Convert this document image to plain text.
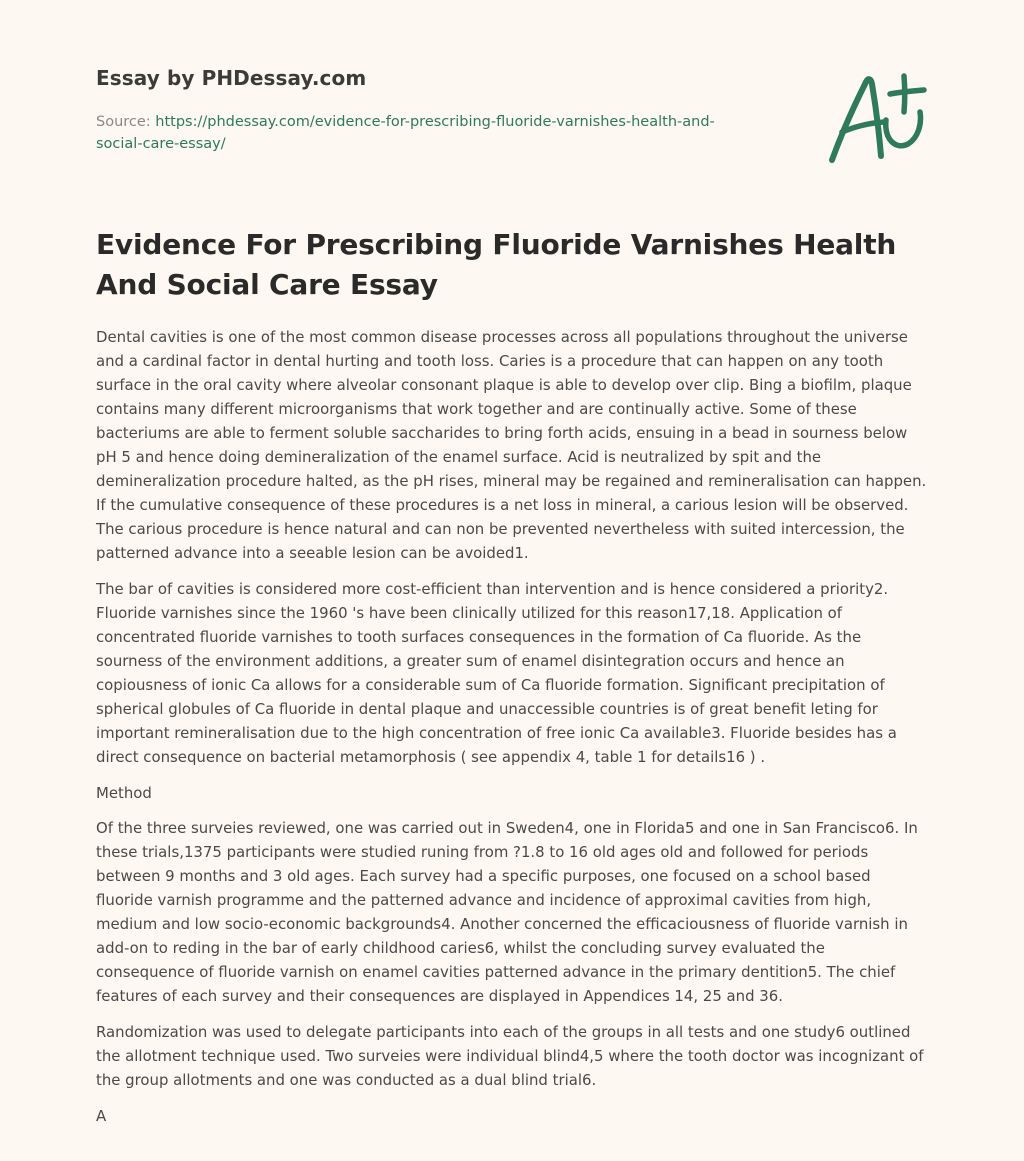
Essay by PHDessay.com
Source: https://phdessay.com/evidence-for-prescribing-fluoride-varnishes-health-and-social-care-essay/
Evidence For Prescribing Fluoride Varnishes Health And Social Care Essay

Dental cavities is one of the most common disease processes across all populations throughout the universe and a cardinal factor in dental hurting and tooth loss. Caries is a procedure that can happen on any tooth surface in the oral cavity where alveolar consonant plaque is able to develop over clip. Bing a biofilm, plaque contains many different microorganisms that work together and are continually active. Some of these bacteriums are able to ferment soluble saccharides to bring forth acids, ensuing in a bead in sourness below pH 5 and hence doing demineralization of the enamel surface. Acid is neutralized by spit and the demineralization procedure halted, as the pH rises, mineral may be regained and remineralisation can happen. If the cumulative consequence of these procedures is a net loss in mineral, a carious lesion will be observed. The carious procedure is hence natural and can non be prevented nevertheless with suited intercession, the patterned advance into a seeable lesion can be avoided1.

The bar of cavities is considered more cost-efficient than intervention and is hence considered a priority2. Fluoride varnishes since the 1960 's have been clinically utilized for this reason17,18. Application of concentrated fluoride varnishes to tooth surfaces consequences in the formation of Ca fluoride. As the sourness of the environment additions, a greater sum of enamel disintegration occurs and hence an copiousness of ionic Ca allows for a considerable sum of Ca fluoride formation. Significant precipitation of spherical globules of Ca fluoride in dental plaque and unaccessible countries is of great benefit leting for important remineralisation due to the high concentration of free ionic Ca available3. Fluoride besides has a direct consequence on bacterial metamorphosis ( see appendix 4, table 1 for details16 ) .

Method

Of the three surveies reviewed, one was carried out in Sweden4, one in Florida5 and one in San Francisco6. In these trials,1375 participants were studied runing from ?1.8 to 16 old ages old and followed for periods between 9 months and 3 old ages. Each survey had a specific purposes, one focused on a school based fluoride varnish programme and the patterned advance and incidence of approximal cavities from high, medium and low socio-economic backgrounds4. Another concerned the efficaciousness of fluoride varnish in add-on to reding in the bar of early childhood caries6, whilst the concluding survey evaluated the consequence of fluoride varnish on enamel cavities patterned advance in the primary dentition5. The chief features of each survey and their consequences are displayed in Appendices 14, 25 and 36.

Randomization was used to delegate participants into each of the groups in all tests and one study6 outlined the allotment technique used. Two surveies were individual blind4,5 where the tooth doctor was incognizant of the group allotments and one was conducted as a dual blind trial6.

A
